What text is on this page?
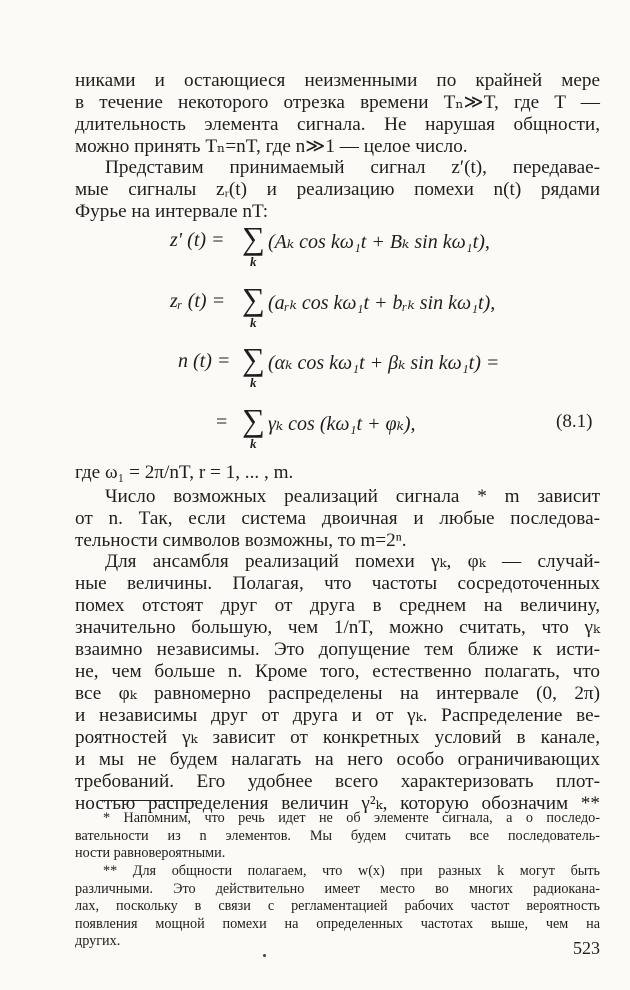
никами и остающиеся неизменными по крайней мере
в течение некоторого отрезка времени Tₙ≫T, где T —
длительность элемента сигнала. Не нарушая общности,
можно принять Tₙ=nT, где n≫1 — целое число.
Представим принимаемый сигнал z′(t), передавае-
мые сигналы zᵣ(t) и реализацию помехи n(t) рядами
Фурье на интервале nT:
z′ (t) = ∑
k
(Aₖ cos kω₁t + Bₖ sin kω₁t),
zᵣ (t) = ∑
k
(aᵣₖ cos kω₁t + bᵣₖ sin kω₁t),
n (t) = ∑
k
(αₖ cos kω₁t + βₖ sin kω₁t) =
= ∑
k
γₖ cos (kω₁t + φₖ),	(8.1)
где ω₁ = 2π/nT, r = 1, ... , m.
Число возможных реализаций сигнала * m зависит
от n. Так, если система двоичная и любые последова-
тельности символов возможны, то m=2ⁿ.
Для ансамбля реализаций помехи γₖ, φₖ — случай-
ные величины. Полагая, что частоты сосредоточенных
помех отстоят друг от друга в среднем на величину,
значительно большую, чем 1/nT, можно считать, что γₖ
взаимно независимы. Это допущение тем ближе к исти-
не, чем больше n. Кроме того, естественно полагать, что
все φₖ равномерно распределены на интервале (0, 2π)
и независимы друг от друга и от γₖ. Распределение ве-
роятностей γₖ зависит от конкретных условий в канале,
и мы не будем налагать на него особо ограничивающих
требований. Его удобнее всего характеризовать плот-
ностью распределения величин γ²ₖ, которую обозначим **
* Напомним, что речь идет не об элементе сигнала, а о последо-
вательности из n элементов. Мы будем считать все последователь-
ности равновероятными.
** Для общности полагаем, что w(x) при разных k могут быть
различными. Это действительно имеет место во многих радиокана-
лах, поскольку в связи с регламентацией рабочих частот вероятность
появления мощной помехи на определенных частотах выше, чем на
других.	523
